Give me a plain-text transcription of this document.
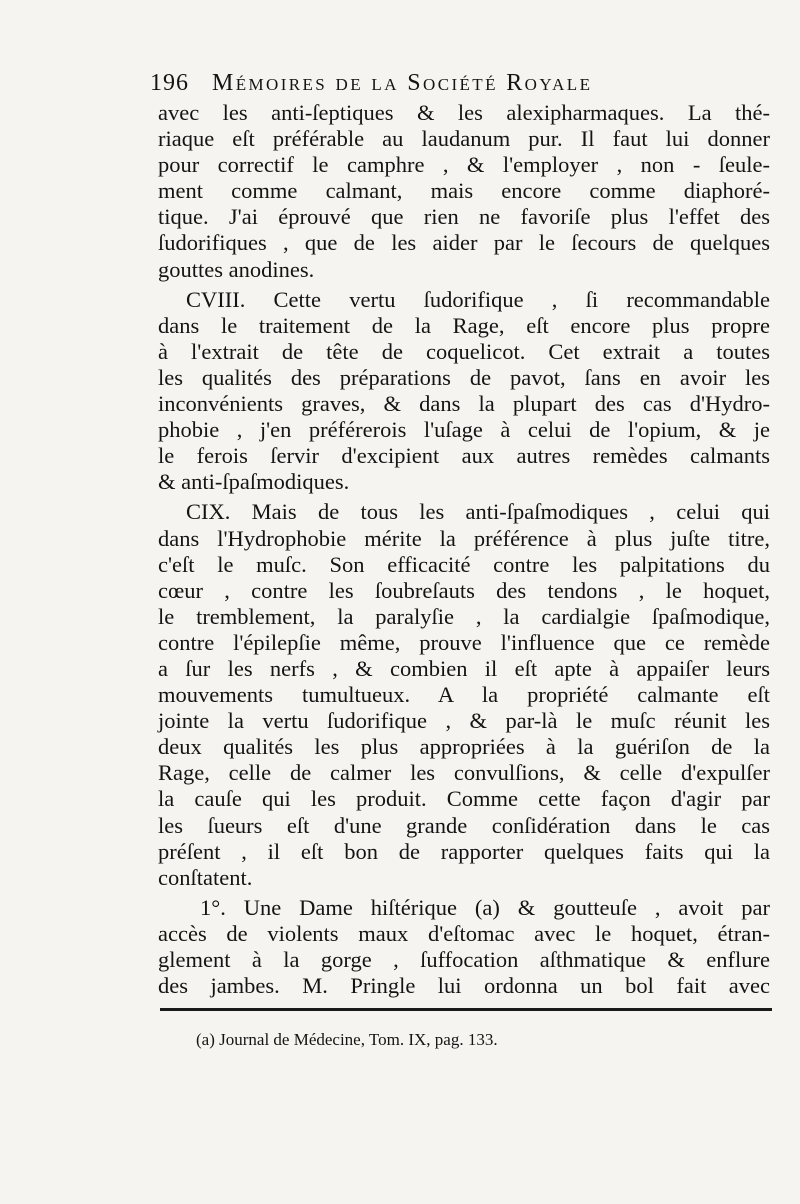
196 Mémoires de la Société Royale
avec les anti-ſeptiques & les alexipharmaques. La thé-
riaque eſt préférable au laudanum pur. Il faut lui donner
pour correctif le camphre , & l'employer , non - ſeule-
ment comme calmant, mais encore comme diaphoré-
tique. J'ai éprouvé que rien ne favoriſe plus l'effet des
ſudorifiques , que de les aider par le ſecours de quelques
gouttes anodines.
CVIII. Cette vertu ſudorifique , ſi recommandable
dans le traitement de la Rage, eſt encore plus propre
à l'extrait de tête de coquelicot. Cet extrait a toutes
les qualités des préparations de pavot, ſans en avoir les
inconvénients graves, & dans la plupart des cas d'Hydro-
phobie , j'en préférerois l'uſage à celui de l'opium, & je
le ferois ſervir d'excipient aux autres remèdes calmants
& anti-ſpaſmodiques.
CIX. Mais de tous les anti-ſpaſmodiques , celui qui
dans l'Hydrophobie mérite la préférence à plus juſte titre,
c'eſt le muſc. Son efficacité contre les palpitations du
cœur , contre les ſoubreſauts des tendons , le hoquet,
le tremblement, la paralyſie , la cardialgie ſpaſmodique,
contre l'épilepſie même, prouve l'influence que ce remède
a ſur les nerfs , & combien il eſt apte à appaiſer leurs
mouvements tumultueux. A la propriété calmante eſt
jointe la vertu ſudorifique , & par-là le muſc réunit les
deux qualités les plus appropriées à la guériſon de la
Rage, celle de calmer les convulſions, & celle d'expulſer
la cauſe qui les produit. Comme cette façon d'agir par
les ſueurs eſt d'une grande conſidération dans le cas
préſent , il eſt bon de rapporter quelques faits qui la
conſtatent.
1°. Une Dame hiſtérique (a) & goutteuſe , avoit par
accès de violents maux d'eſtomac avec le hoquet, étran-
glement à la gorge , ſuffocation aſthmatique & enflure
des jambes. M. Pringle lui ordonna un bol fait avec
(a) Journal de Médecine, Tom. IX, pag. 133.
